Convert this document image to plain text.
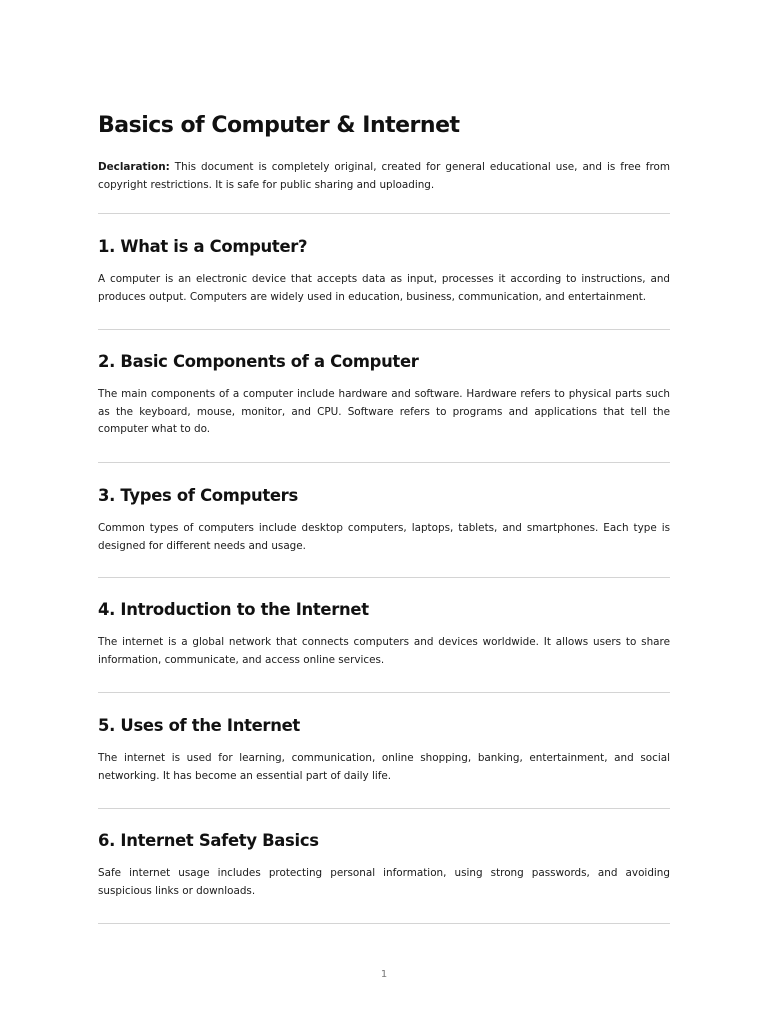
Basics of Computer & Internet

Declaration: This document is completely original, created for general educational use, and is free from copyright restrictions. It is safe for public sharing and uploading.

1. What is a Computer?

A computer is an electronic device that accepts data as input, processes it according to instructions, and produces output. Computers are widely used in education, business, communication, and entertainment.

2. Basic Components of a Computer

The main components of a computer include hardware and software. Hardware refers to physical parts such as the keyboard, mouse, monitor, and CPU. Software refers to programs and applications that tell the computer what to do.

3. Types of Computers

Common types of computers include desktop computers, laptops, tablets, and smartphones. Each type is designed for different needs and usage.

4. Introduction to the Internet

The internet is a global network that connects computers and devices worldwide. It allows users to share information, communicate, and access online services.

5. Uses of the Internet

The internet is used for learning, communication, online shopping, banking, entertainment, and social networking. It has become an essential part of daily life.

6. Internet Safety Basics

Safe internet usage includes protecting personal information, using strong passwords, and avoiding suspicious links or downloads.

1
